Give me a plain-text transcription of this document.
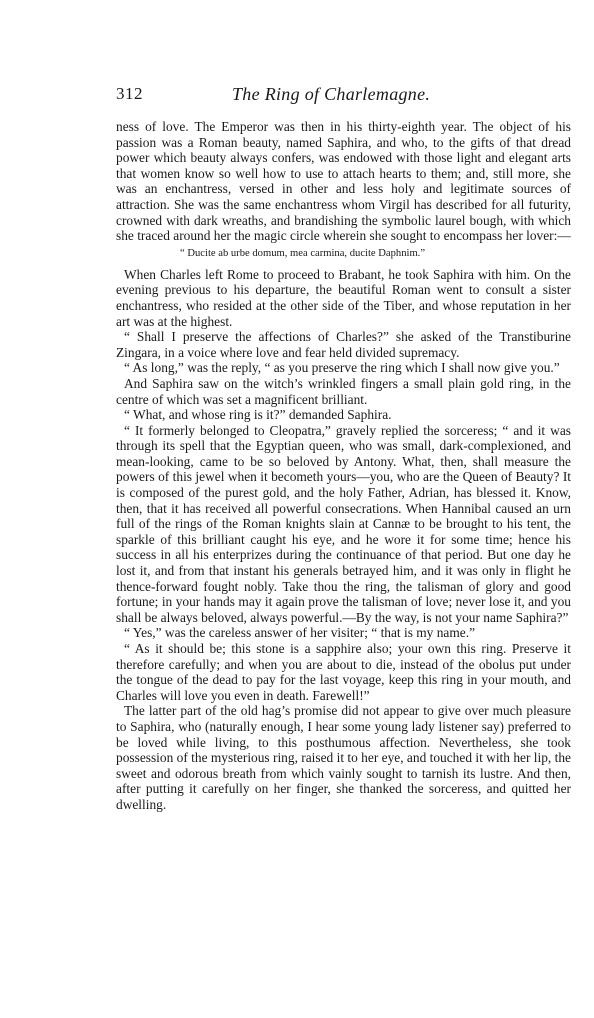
312	The Ring of Charlemagne.

ness of love. The Emperor was then in his thirty-eighth year. The object of his passion was a Roman beauty, named Saphira, and who, to the gifts of that dread power which beauty always confers, was endowed with those light and elegant arts that women know so well how to use to attach hearts to them; and, still more, she was an enchantress, versed in other and less holy and legitimate sources of attraction. She was the same enchantress whom Virgil has described for all futurity, crowned with dark wreaths, and brandishing the symbolic laurel bough, with which she traced around her the magic circle wherein she sought to encompass her lover:—

“ Ducite ab urbe domum, mea carmina, ducite Daphnim.”

When Charles left Rome to proceed to Brabant, he took Saphira with him. On the evening previous to his departure, the beautiful Roman went to consult a sister enchantress, who resided at the other side of the Tiber, and whose reputation in her art was at the highest.

“ Shall I preserve the affections of Charles?” she asked of the Transtiburine Zingara, in a voice where love and fear held divided supremacy.

“ As long,” was the reply, “ as you preserve the ring which I shall now give you.”

And Saphira saw on the witch’s wrinkled fingers a small plain gold ring, in the centre of which was set a magnificent brilliant.

“ What, and whose ring is it?” demanded Saphira.

“ It formerly belonged to Cleopatra,” gravely replied the sorceress; “ and it was through its spell that the Egyptian queen, who was small, dark-complexioned, and mean-looking, came to be so beloved by Antony. What, then, shall measure the powers of this jewel when it becometh yours—you, who are the Queen of Beauty? It is composed of the purest gold, and the holy Father, Adrian, has blessed it. Know, then, that it has received all powerful consecrations. When Hannibal caused an urn full of the rings of the Roman knights slain at Cannæ to be brought to his tent, the sparkle of this brilliant caught his eye, and he wore it for some time; hence his success in all his enterprizes during the continuance of that period. But one day he lost it, and from that instant his generals betrayed him, and it was only in flight he thence-forward fought nobly. Take thou the ring, the talisman of glory and good fortune; in your hands may it again prove the talisman of love; never lose it, and you shall be always beloved, always powerful.—By the way, is not your name Saphira?”

“ Yes,” was the careless answer of her visiter; “ that is my name.”

“ As it should be; this stone is a sapphire also; your own this ring. Preserve it therefore carefully; and when you are about to die, instead of the obolus put under the tongue of the dead to pay for the last voyage, keep this ring in your mouth, and Charles will love you even in death. Farewell!”

The latter part of the old hag’s promise did not appear to give over much pleasure to Saphira, who (naturally enough, I hear some young lady listener say) preferred to be loved while living, to this posthumous affection. Nevertheless, she took possession of the mysterious ring, raised it to her eye, and touched it with her lip, the sweet and odorous breath from which vainly sought to tarnish its lustre. And then, after putting it carefully on her finger, she thanked the sorceress, and quitted her dwelling.
